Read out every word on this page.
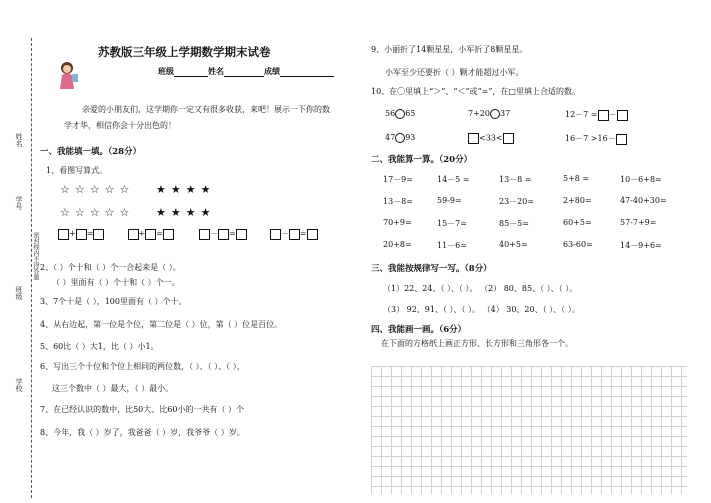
姓名
学号
班级
学校
密封线内不得答题
苏教版三年级上学期数学期末试卷
班级	姓名	成绩
亲爱的小朋友们，这学期你一定又有很多收获，来吧！展示一下你的数
学才华，相信你会十分出色的！
一、我能填一填。（28分）
1、看图写算式。
☆☆☆☆☆ ★★★★
☆☆☆☆☆ ★★★★
+ =	+ =	－ =	－ =
2、（ ）个十和（ ）个一合起来是（ ）。
（ ）里面有（ ）个十和（ ）个一。
3、7个十是（ ），100里面有（ ）个十。
4、从右边起，第一位是个位，第二位是（ ）位，第（ ）位是百位。
5、60比（ ）大1，比（ ）小1。
6、写出三个十位和个位上相同的两位数，（ ）、（ ）、（ ），
这三个数中（ ）最大，（ ）最小。
7、在已经认识的数中，比50大、比60小的一共有（ ）个
8、今年，我（ ）岁了，我爸爸（ ）岁，我爷爷（ ）岁。
9、小丽折了14颗星星，小军折了8颗星星。
小军至少还要折（ ）颗才能超过小军。
10、在〇里填上“＞”、“＜”或“=”，在□里填上合适的数。
56 65	7+20 37	12－7 = －
47 93	<33<	16－7 >16－
二、我能算一算。（20分）
17－9=	14－5 =	13－8 =	5+8 =	10－6+8=
13－8=	59-9=	23－20=	2+80=	47-40+30=
70+9=	15－7=	85－5=	60+5=	57-7+9=
20+8=	11－6=	40+5=	63-60=	14－9+6=
三、我能按规律写一写。（8分）
（1）22、24、（ ）、（ ）。 （2） 80、85、（ ）、（ ）。
（3） 92、91、（ ）、（ ）。 （4） 30、20、（ ）、（ ）。
四、我能画一画。（6分）
在下面的方格纸上画正方形、长方形和三角形各一个。
